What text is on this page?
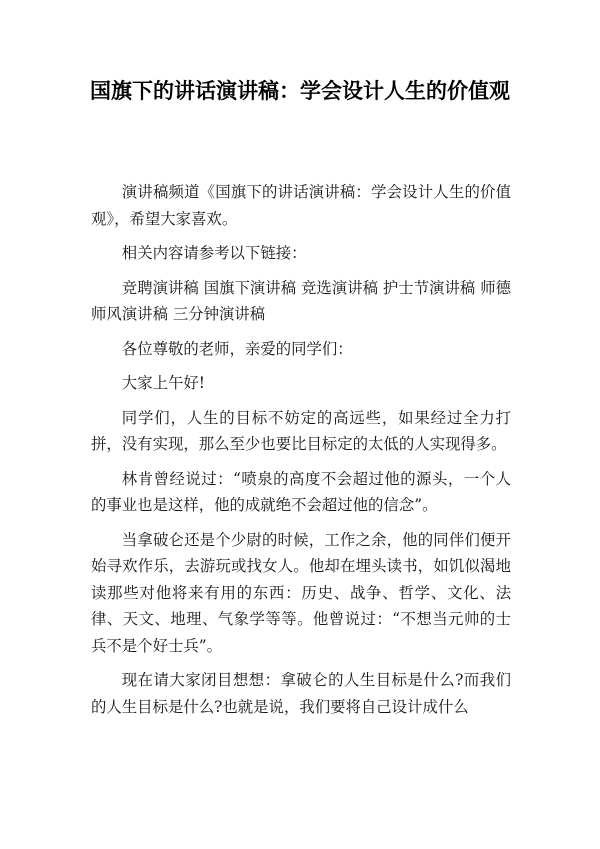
国旗下的讲话演讲稿：学会设计人生的价值观

演讲稿频道《国旗下的讲话演讲稿：学会设计人生的价值观》，希望大家喜欢。

相关内容请参考以下链接：

竞聘演讲稿 国旗下演讲稿 竞选演讲稿 护士节演讲稿 师德师风演讲稿 三分钟演讲稿

各位尊敬的老师，亲爱的同学们：

大家上午好!

同学们，人生的目标不妨定的高远些，如果经过全力打拼，没有实现，那么至少也要比目标定的太低的人实现得多。

林肯曾经说过：“喷泉的高度不会超过他的源头，一个人的事业也是这样，他的成就绝不会超过他的信念”。

当拿破仑还是个少尉的时候，工作之余，他的同伴们便开始寻欢作乐，去游玩或找女人。他却在埋头读书，如饥似渴地读那些对他将来有用的东西：历史、战争、哲学、文化、法律、天文、地理、气象学等等。他曾说过：“不想当元帅的士兵不是个好士兵”。

现在请大家闭目想想：拿破仑的人生目标是什么?而我们的人生目标是什么?也就是说，我们要将自己设计成什么
